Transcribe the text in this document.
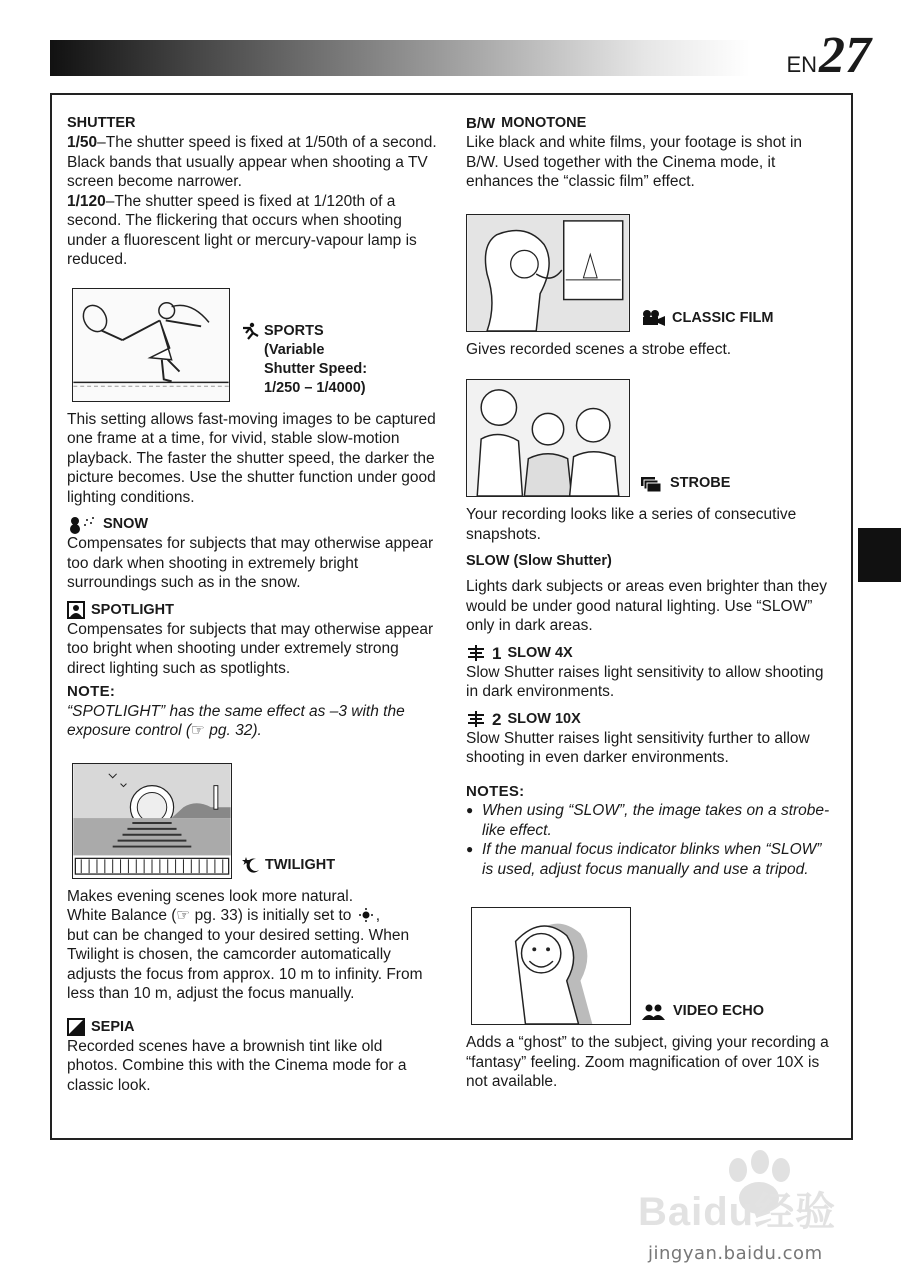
EN 27
SHUTTER

1/50–The shutter speed is fixed at 1/50th of a second. Black bands that usually appear when shooting a TV screen become narrower.

1/120–The shutter speed is fixed at 1/120th of a second. The flickering that occurs when shooting under a fluorescent light or mercury-vapour lamp is reduced.

SPORTS
(Variable
Shutter Speed:
1/250 – 1/4000)

This setting allows fast-moving images to be captured one frame at a time, for vivid, stable slow-motion playback. The faster the shutter speed, the darker the picture becomes. Use the shutter function under good lighting conditions.

SNOW

Compensates for subjects that may otherwise appear too dark when shooting in extremely bright surroundings such as in the snow.

SPOTLIGHT

Compensates for subjects that may otherwise appear too bright when shooting under extremely strong direct lighting such as spotlights.

NOTE:

“SPOTLIGHT” has the same effect as –3 with the exposure control (☞ pg. 32).

TWILIGHT

Makes evening scenes look more natural.

White Balance (☞ pg. 33) is initially set to ,

but can be changed to your desired setting. When Twilight is chosen, the camcorder automatically adjusts the focus from approx. 10 m to infinity. From less than 10 m, adjust the focus manually.

SEPIA

Recorded scenes have a brownish tint like old photos. Combine this with the Cinema mode for a classic look.

B/W MONOTONE

Like black and white films, your footage is shot in B/W. Used together with the Cinema mode, it enhances the “classic film” effect.

CLASSIC FILM

Gives recorded scenes a strobe effect.

STROBE

Your recording looks like a series of consecutive snapshots.

SLOW (Slow Shutter)

Lights dark subjects or areas even brighter than they would be under good natural lighting. Use “SLOW” only in dark areas.

1 SLOW 4X

Slow Shutter raises light sensitivity to allow shooting in dark environments.

2 SLOW 10X

Slow Shutter raises light sensitivity further to allow shooting in even darker environments.

NOTES:
● When using “SLOW”, the image takes on a strobe-like effect.
● If the manual focus indicator blinks when “SLOW” is used, adjust focus manually and use a tripod.
VIDEO ECHO

Adds a “ghost” to the subject, giving your recording a “fantasy” feeling. Zoom magnification of over 10X is not available.

Baidu经验
jingyan.baidu.com
